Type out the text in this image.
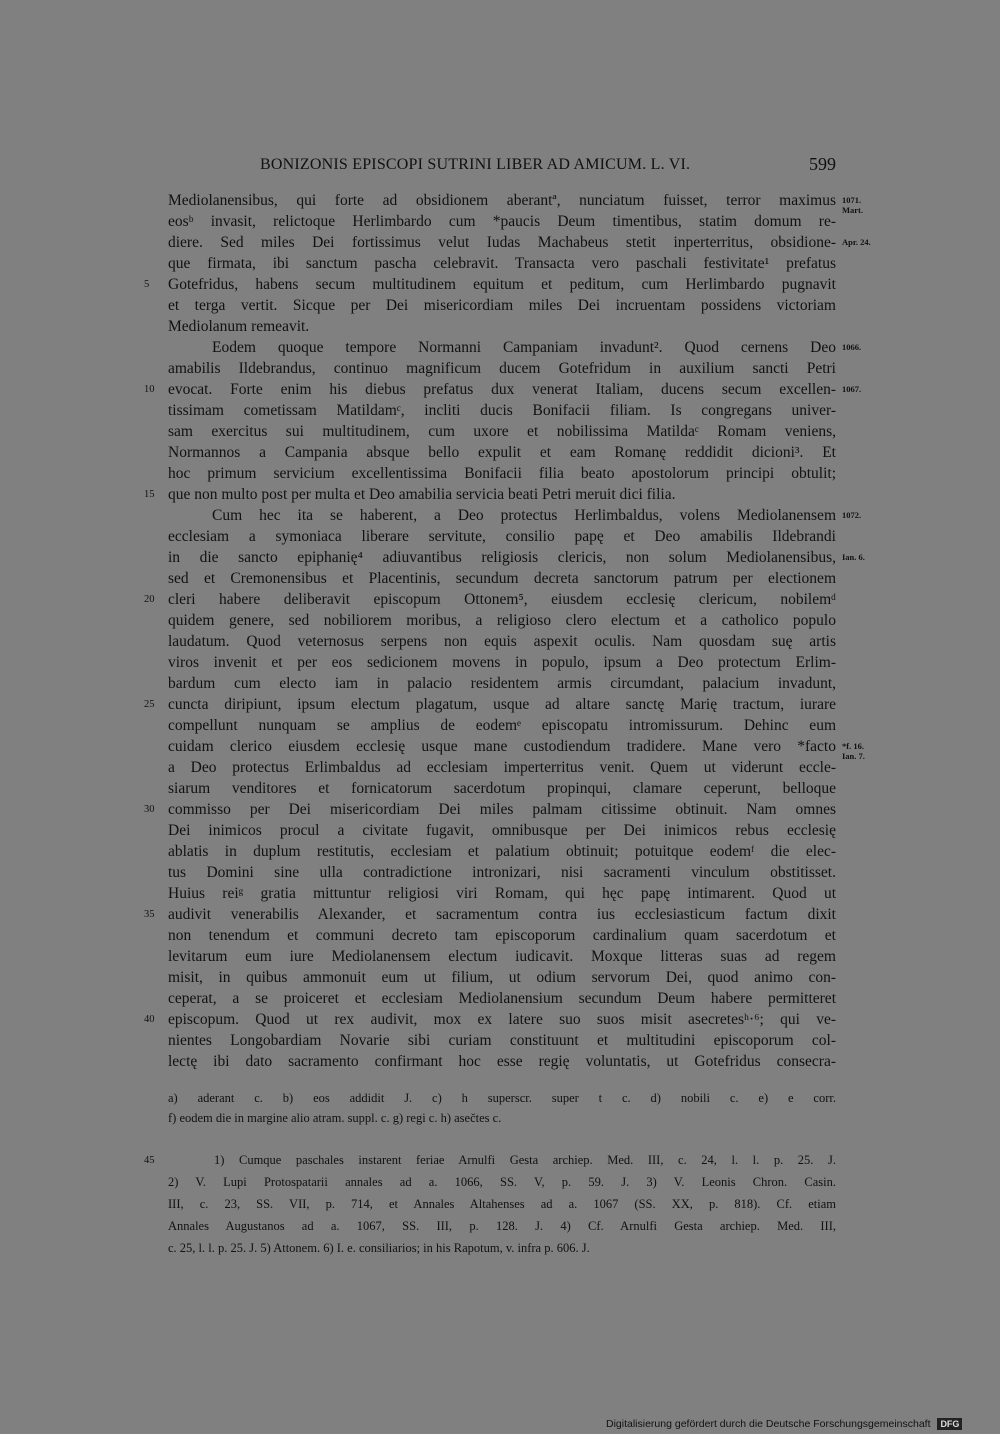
BONIZONIS EPISCOPI SUTRINI LIBER AD AMICUM. L. VI.	599
Mediolanensibus, qui forte ad obsidionem aberantª, nunciatum fuisset, terror maximus
eosᵇ invasit, relictoque Herlimbardo cum *paucis Deum timentibus, statim domum re-
diere. Sed miles Dei fortissimus velut Iudas Machabeus stetit inperterritus, obsidione-
que firmata, ibi sanctum pascha celebravit. Transacta vero paschali festivitate¹ prefatus
Gotefridus, habens secum multitudinem equitum et peditum, cum Herlimbardo pugnavit
et terga vertit. Sicque per Dei misericordiam miles Dei incruentam possidens victoriam
Mediolanum remeavit.
Eodem quoque tempore Normanni Campaniam invadunt². Quod cernens Deo
amabilis Ildebrandus, continuo magnificum ducem Gotefridum in auxilium sancti Petri
evocat. Forte enim his diebus prefatus dux venerat Italiam, ducens secum excellen-
tissimam cometissam Matildamᶜ, incliti ducis Bonifacii filiam. Is congregans univer-
sam exercitus sui multitudinem, cum uxore et nobilissima Matildaᶜ Romam veniens,
Normannos a Campania absque bello expulit et eam Romanę reddidit dicioni³. Et
hoc primum servicium excellentissima Bonifacii filia beato apostolorum principi obtulit;
que non multo post per multa et Deo amabilia servicia beati Petri meruit dici filia.
Cum hec ita se haberent, a Deo protectus Herlimbaldus, volens Mediolanensem
ecclesiam a symoniaca liberare servitute, consilio papę et Deo amabilis Ildebrandi
in die sancto epiphanię⁴ adiuvantibus religiosis clericis, non solum Mediolanensibus,
sed et Cremonensibus et Placentinis, secundum decreta sanctorum patrum per electionem
cleri habere deliberavit episcopum Ottonem⁵, eiusdem ecclesię clericum, nobilemᵈ
quidem genere, sed nobiliorem moribus, a religioso clero electum et a catholico populo
laudatum. Quod veternosus serpens non equis aspexit oculis. Nam quosdam suę artis
viros invenit et per eos sedicionem movens in populo, ipsum a Deo protectum Erlim-
bardum cum electo iam in palacio residentem armis circumdant, palacium invadunt,
cuncta diripiunt, ipsum electum plagatum, usque ad altare sanctę Marię tractum, iurare
compellunt nunquam se amplius de eodemᵉ episcopatu intromissurum. Dehinc eum
cuidam clerico eiusdem ecclesię usque mane custodiendum tradidere. Mane vero *facto
a Deo protectus Erlimbaldus ad ecclesiam imperterritus venit. Quem ut viderunt eccle-
siarum venditores et fornicatorum sacerdotum propinqui, clamare ceperunt, belloque
commisso per Dei misericordiam Dei miles palmam citissime obtinuit. Nam omnes
Dei inimicos procul a civitate fugavit, omnibusque per Dei inimicos rebus ecclesię
ablatis in duplum restitutis, ecclesiam et palatium obtinuit; potuitque eodemᶠ die elec-
tus Domini sine ulla contradictione intronizari, nisi sacramenti vinculum obstitisset.
Huius reiᵍ gratia mittuntur religiosi viri Romam, qui hęc papę intimarent. Quod ut
audivit venerabilis Alexander, et sacramentum contra ius ecclesiasticum factum dixit
non tenendum et communi decreto tam episcoporum cardinalium quam sacerdotum et
levitarum eum iure Mediolanensem electum iudicavit. Moxque litteras suas ad regem
misit, in quibus ammonuit eum ut filium, ut odium servorum Dei, quod animo con-
ceperat, a se proiceret et ecclesiam Mediolanensium secundum Deum habere permitteret
episcopum. Quod ut rex audivit, mox ex latere suo suos misit asecretesʰ·⁶; qui ve-
nientes Longobardiam Novarie sibi curiam constituunt et multitudini episcoporum col-
lectę ibi dato sacramento confirmant hoc esse regię voluntatis, ut Gotefridus consecra-
5
10
15
20
25
30
35
40
45
1071. Mart.
Apr. 24.
1066.
1067.
1072.
Ian. 6.
*f. 16. Ian. 7.
a) aderant c. b) eos addidit J. c) h superscr. super t c. d) nobili c. e) e corr.
f) eodem die in margine alio atram. suppl. c. g) regi c. h) asečtes c.
1) Cumque paschales instarent feriae Arnulfi Gesta archiep. Med. III, c. 24, l. l. p. 25. J.
2) V. Lupi Protospatarii annales ad a. 1066, SS. V, p. 59. J. 3) V. Leonis Chron. Casin.
III, c. 23, SS. VII, p. 714, et Annales Altahenses ad a. 1067 (SS. XX, p. 818). Cf. etiam
Annales Augustanos ad a. 1067, SS. III, p. 128. J. 4) Cf. Arnulfi Gesta archiep. Med. III,
c. 25, l. l. p. 25. J. 5) Attonem. 6) I. e. consiliarios; in his Rapotum, v. infra p. 606. J.
Digitalisierung gefördert durch die Deutsche Forschungsgemeinschaft DFG
